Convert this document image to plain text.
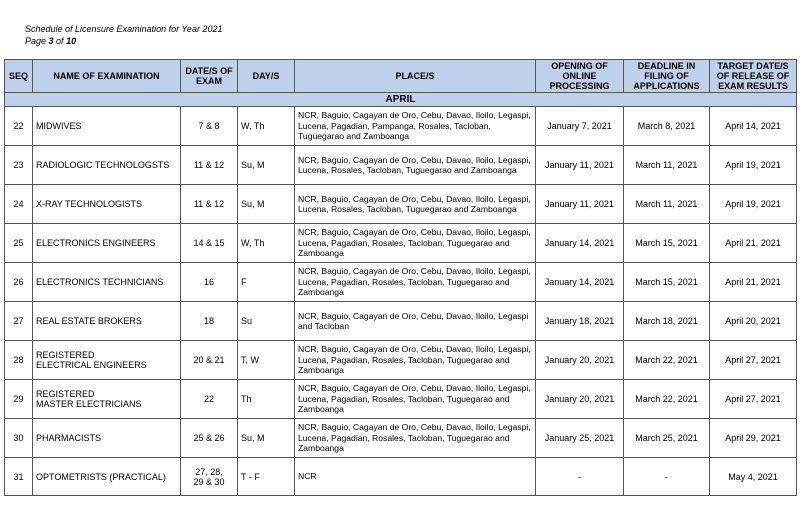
Schedule of Licensure Examination for Year 2021
Page 3 of 10
SEQ	NAME OF EXAMINATION	DATE/S OF EXAM	DAY/S	PLACE/S	OPENING OF ONLINE PROCESSING	DEADLINE IN FILING OF APPLICATIONS	TARGET DATE/S OF RELEASE OF EXAM RESULTS
APRIL							
22	MIDWIVES	7 & 8	W, Th	NCR, Baguio, Cagayan de Oro, Cebu, Davao, Iloilo, Legaspi, Lucena, Pagadian, Pampanga, Rosales, Tacloban, Tuguegarao and Zamboanga	January 7, 2021	March 8, 2021	April 14, 2021
23	RADIOLOGIC TECHNOLOGSTS	11 & 12	Su, M	NCR, Baguio, Cagayan de Oro, Cebu, Davao, Iloilo, Legaspi, Lucena, Rosales, Tacloban, Tuguegarao and Zamboanga	January 11, 2021	March 11, 2021	April 19, 2021
24	X-RAY TECHNOLOGISTS	11 & 12	Su, M	NCR, Baguio, Cagayan de Oro, Cebu, Davao, Iloilo, Legaspi, Lucena, Rosales, Tacloban, Tuguegarao and Zamboanga	January 11, 2021	March 11, 2021	April 19, 2021
25	ELECTRONICS ENGINEERS	14 & 15	W, Th	NCR, Baguio, Cagayan de Oro, Cebu, Davao, Iloilo, Legaspi, Lucena, Pagadian, Rosales, Tacloban, Tuguegarao and Zamboanga	January 14, 2021	March 15, 2021	April 21, 2021
26	ELECTRONICS TECHNICIANS	16	F	NCR, Baguio, Cagayan de Oro, Cebu, Davao, Iloilo, Legaspi, Lucena, Pagadian, Rosales, Tacloban, Tuguegarao and Zamboanga	January 14, 2021	March 15, 2021	April 21, 2021
27	REAL ESTATE BROKERS	18	Su	NCR, Baguio, Cagayan de Oro, Cebu, Davao, Iloilo, Legaspi and Tacloban	January 18, 2021	March 18, 2021	April 20, 2021
28	REGISTERED
ELECTRICAL ENGINEERS	20 & 21	T, W	NCR, Baguio, Cagayan de Oro, Cebu, Davao, Iloilo, Legaspi, Lucena, Pagadian, Rosales, Tacloban, Tuguegarao and Zamboanga	January 20, 2021	March 22, 2021	April 27, 2021
29	REGISTERED
MASTER ELECTRICIANS	22	Th	NCR, Baguio, Cagayan de Oro, Cebu, Davao, Iloilo, Legaspi, Lucena, Pagadian, Rosales, Tacloban, Tuguegarao and Zamboanga	January 20, 2021	March 22, 2021	April 27, 2021
30	PHARMACISTS	25 & 26	Su, M	NCR, Baguio, Cagayan de Oro, Cebu, Davao, Iloilo, Legaspi, Lucena, Pagadian, Rosales, Tacloban, Tuguegarao and Zamboanga	January 25, 2021	March 25, 2021	April 29, 2021
31	OPTOMETRISTS (PRACTICAL)	27, 28,
29 & 30	T - F	NCR	-	-	May 4, 2021
